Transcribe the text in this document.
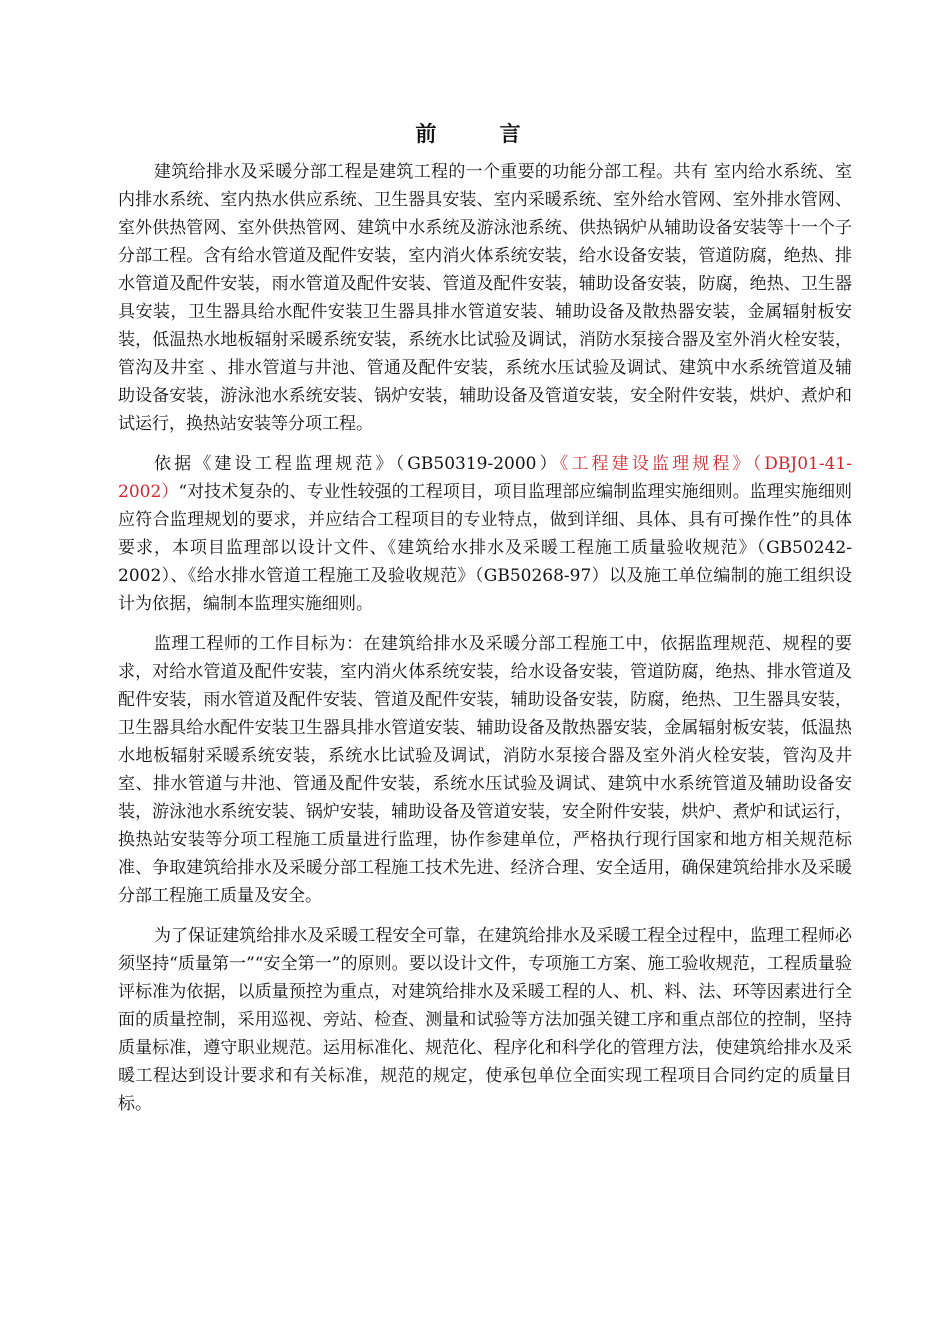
前 言

建筑给排水及采暖分部工程是建筑工程的一个重要的功能分部工程。共有 室内给水系统、室内排水系统、室内热水供应系统、卫生器具安装、室内采暖系统、室外给水管网、室外排水管网、室外供热管网、室外供热管网、建筑中水系统及游泳池系统、供热锅炉从辅助设备安装等十一个子分部工程。含有给水管道及配件安装，室内消火体系统安装，给水设备安装，管道防腐，绝热、排水管道及配件安装，雨水管道及配件安装、管道及配件安装，辅助设备安装，防腐，绝热、卫生器具安装，卫生器具给水配件安装卫生器具排水管道安装、辅助设备及散热器安装，金属辐射板安装，低温热水地板辐射采暖系统安装，系统水比试验及调试，消防水泵接合器及室外消火栓安装，管沟及井室 、排水管道与井池、管通及配件安装，系统水压试验及调试、建筑中水系统管道及辅助设备安装，游泳池水系统安装、锅炉安装，辅助设备及管道安装，安全附件安装，烘炉、煮炉和试运行，换热站安装等分项工程。

依据《建设工程监理规范》（GB50319-2000）《工程建设监理规程》（DBJ01-41-2002）“对技术复杂的、专业性较强的工程项目，项目监理部应编制监理实施细则。监理实施细则应符合监理规划的要求，并应结合工程项目的专业特点，做到详细、具体、具有可操作性”的具体要求，本项目监理部以设计文件、《建筑给水排水及采暖工程施工质量验收规范》（GB50242-2002）、《给水排水管道工程施工及验收规范》（GB50268-97）以及施工单位编制的施工组织设计为依据，编制本监理实施细则。

监理工程师的工作目标为：在建筑给排水及采暖分部工程施工中，依据监理规范、规程的要求，对给水管道及配件安装，室内消火体系统安装，给水设备安装，管道防腐，绝热、排水管道及配件安装，雨水管道及配件安装、管道及配件安装，辅助设备安装，防腐，绝热、卫生器具安装，卫生器具给水配件安装卫生器具排水管道安装、辅助设备及散热器安装，金属辐射板安装，低温热水地板辐射采暖系统安装，系统水比试验及调试，消防水泵接合器及室外消火栓安装，管沟及井室、排水管道与井池、管通及配件安装，系统水压试验及调试、建筑中水系统管道及辅助设备安装，游泳池水系统安装、锅炉安装，辅助设备及管道安装，安全附件安装，烘炉、煮炉和试运行，换热站安装等分项工程施工质量进行监理，协作参建单位，严格执行现行国家和地方相关规范标准、争取建筑给排水及采暖分部工程施工技术先进、经济合理、安全适用，确保建筑给排水及采暖分部工程施工质量及安全。

为了保证建筑给排水及采暖工程安全可靠，在建筑给排水及采暖工程全过程中，监理工程师必须坚持“质量第一”“安全第一”的原则。要以设计文件，专项施工方案、施工验收规范，工程质量验评标准为依据，以质量预控为重点，对建筑给排水及采暖工程的人、机、料、法、环等因素进行全面的质量控制，采用巡视、旁站、检查、测量和试验等方法加强关键工序和重点部位的控制，坚持质量标准，遵守职业规范。运用标准化、规范化、程序化和科学化的管理方法，使建筑给排水及采暖工程达到设计要求和有关标准，规范的规定，使承包单位全面实现工程项目合同约定的质量目标。
